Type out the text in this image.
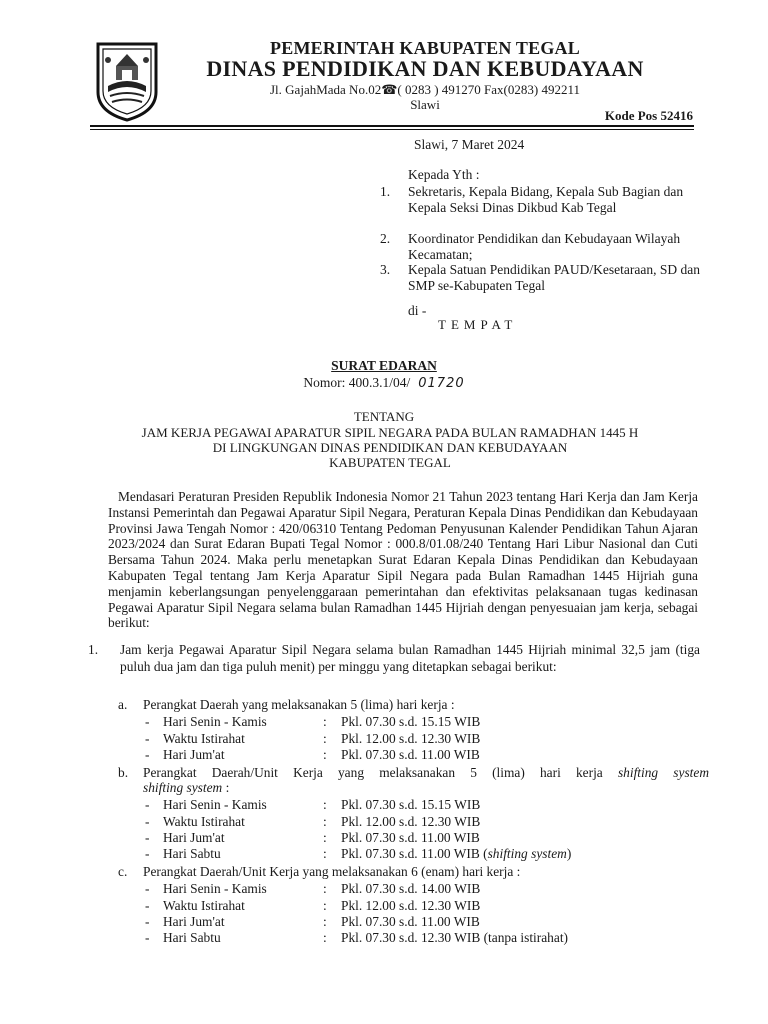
PEMERINTAH KABUPATEN TEGAL
DINAS PENDIDIKAN DAN KEBUDAYAAN
Jl. GajahMada No.02☎( 0283 ) 491270 Fax(0283) 492211
Slawi
Kode Pos 52416
Slawi, 7 Maret 2024
Kepada Yth :
1. Sekretaris, Kepala Bidang, Kepala Sub Bagian dan Kepala Seksi Dinas Dikbud Kab Tegal
2. Koordinator Pendidikan dan Kebudayaan Wilayah Kecamatan;
3. Kepala Satuan Pendidikan PAUD/Kesetaraan, SD dan SMP se-Kabupaten Tegal
di -
TEMPAT
SURAT EDARAN
Nomor: 400.3.1/04/ 01720
TENTANG
JAM KERJA PEGAWAI APARATUR SIPIL NEGARA PADA BULAN RAMADHAN 1445 H
DI LINGKUNGAN DINAS PENDIDIKAN DAN KEBUDAYAAN
KABUPATEN TEGAL
Mendasari Peraturan Presiden Republik Indonesia Nomor 21 Tahun 2023 tentang Hari Kerja dan Jam Kerja Instansi Pemerintah dan Pegawai Aparatur Sipil Negara, Peraturan Kepala Dinas Pendidikan dan Kebudayaan Provinsi Jawa Tengah Nomor : 420/06310 Tentang Pedoman Penyusunan Kalender Pendidikan Tahun Ajaran 2023/2024 dan Surat Edaran Bupati Tegal Nomor : 000.8/01.08/240 Tentang Hari Libur Nasional dan Cuti Bersama Tahun 2024. Maka perlu menetapkan Surat Edaran Kepala Dinas Pendidikan dan Kebudayaan Kabupaten Tegal tentang Jam Kerja Aparatur Sipil Negara pada Bulan Ramadhan 1445 Hijriah guna menjamin keberlangsungan penyelenggaraan pemerintahan dan efektivitas pelaksanaan tugas kedinasan Pegawai Aparatur Sipil Negara selama bulan Ramadhan 1445 Hijriah dengan penyesuaian jam kerja, sebagai berikut:
1. Jam kerja Pegawai Aparatur Sipil Negara selama bulan Ramadhan 1445 Hijriah minimal 32,5 jam (tiga puluh dua jam dan tiga puluh menit) per minggu yang ditetapkan sebagai berikut:
a. Perangkat Daerah yang melaksanakan 5 (lima) hari kerja :
- Hari Senin - Kamis	: Pkl. 07.30 s.d. 15.15 WIB
- Waktu Istirahat	: Pkl. 12.00 s.d. 12.30 WIB
- Hari Jum'at	: Pkl. 07.30 s.d. 11.00 WIB
b. Perangkat Daerah/Unit Kerja yang melaksanakan 5 (lima) hari kerja shifting system
shifting system :
- Hari Senin - Kamis	: Pkl. 07.30 s.d. 15.15 WIB
- Waktu Istirahat	: Pkl. 12.00 s.d. 12.30 WIB
- Hari Jum'at	: Pkl. 07.30 s.d. 11.00 WIB
- Hari Sabtu	: Pkl. 07.30 s.d. 11.00 WIB (shifting system)
c. Perangkat Daerah/Unit Kerja yang melaksanakan 6 (enam) hari kerja :
- Hari Senin - Kamis	: Pkl. 07.30 s.d. 14.00 WIB
- Waktu Istirahat	: Pkl. 12.00 s.d. 12.30 WIB
- Hari Jum'at	: Pkl. 07.30 s.d. 11.00 WIB
- Hari Sabtu	: Pkl. 07.30 s.d. 12.30 WIB (tanpa istirahat)
